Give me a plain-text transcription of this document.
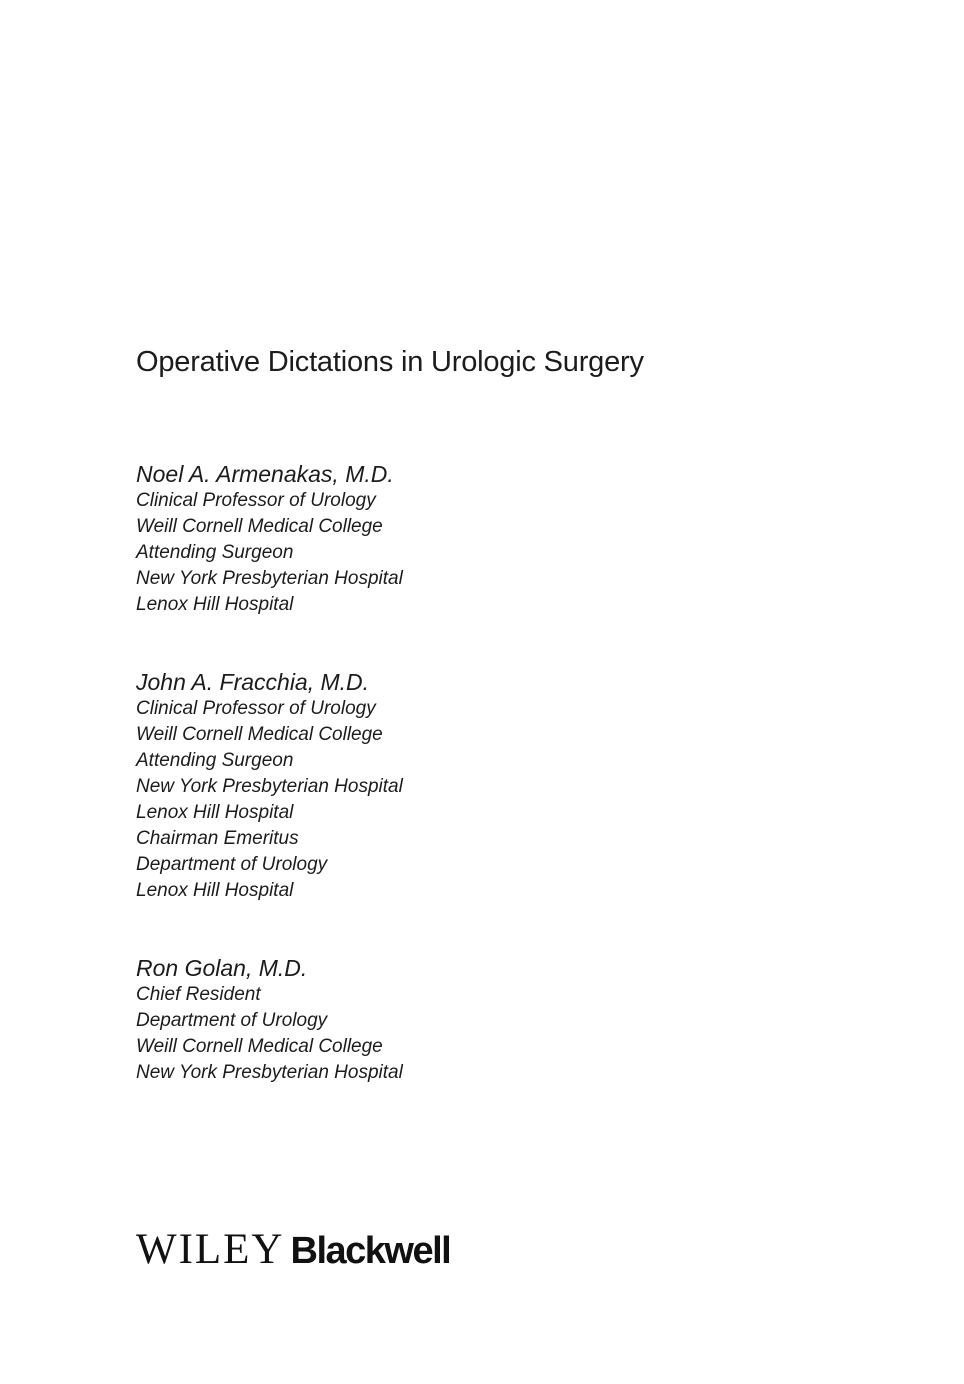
Operative Dictations in Urologic Surgery

Noel A. Armenakas, M.D.

Clinical Professor of Urology
Weill Cornell Medical College
Attending Surgeon
New York Presbyterian Hospital
Lenox Hill Hospital

John A. Fracchia, M.D.

Clinical Professor of Urology
Weill Cornell Medical College
Attending Surgeon
New York Presbyterian Hospital
Lenox Hill Hospital
Chairman Emeritus
Department of Urology
Lenox Hill Hospital

Ron Golan, M.D.

Chief Resident
Department of Urology
Weill Cornell Medical College
New York Presbyterian Hospital
WILEY Blackwell
